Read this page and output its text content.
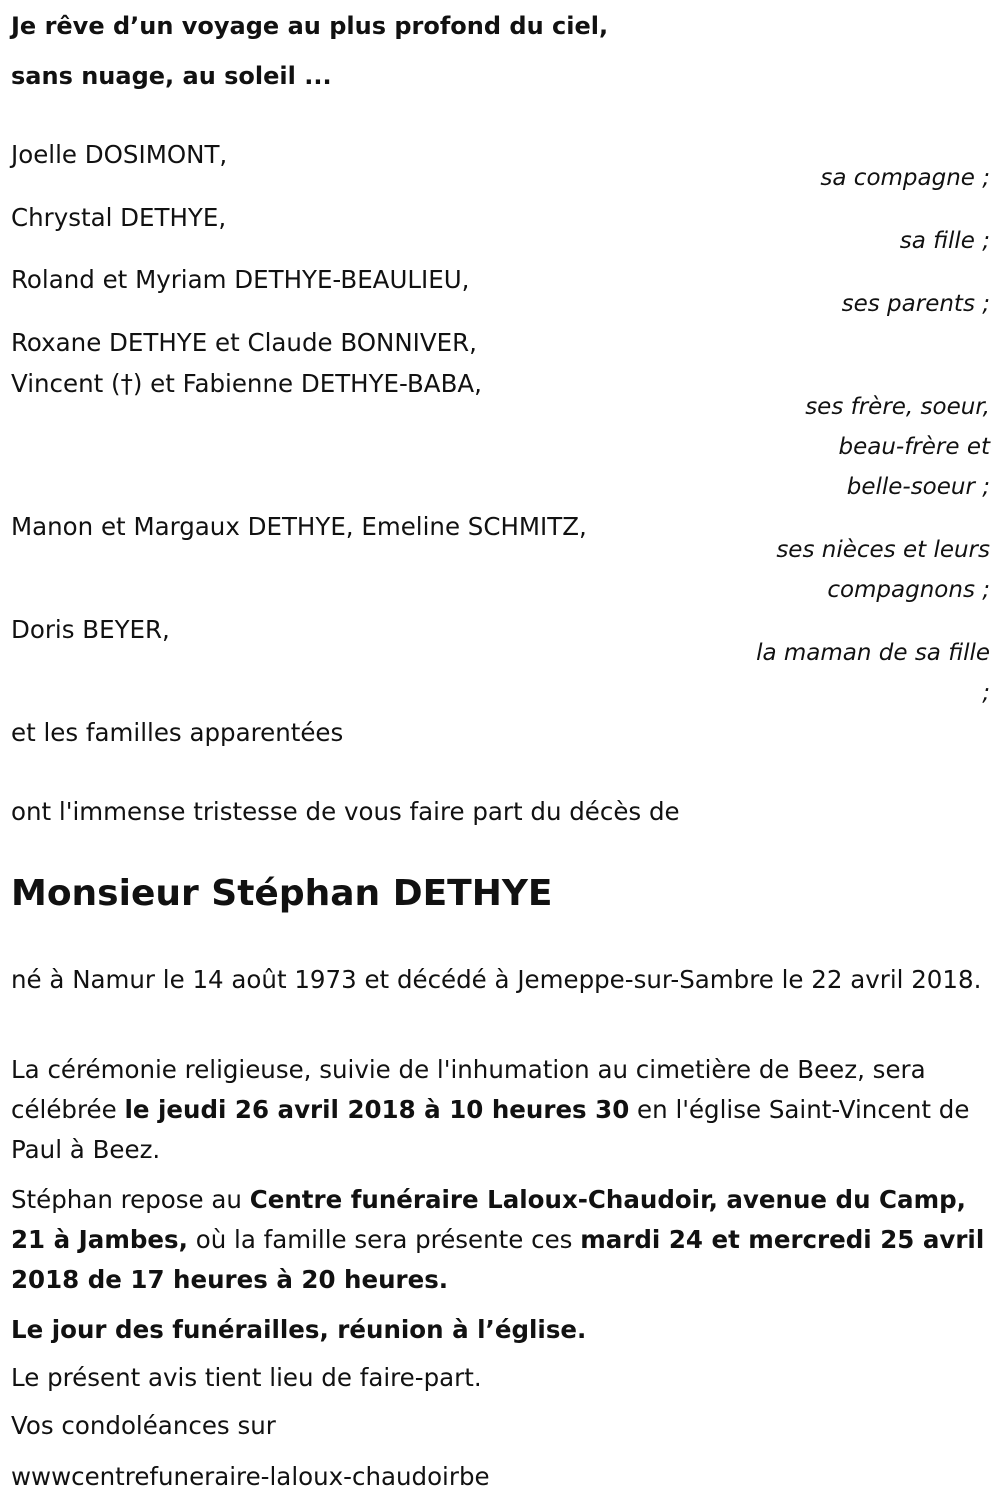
Je rêve d’un voyage au plus profond du ciel,

sans nuage, au soleil ...

Joelle DOSIMONT,

sa compagne ;

Chrystal DETHYE,

sa fille ;

Roland et Myriam DETHYE-BEAULIEU,

ses parents ;

Roxane DETHYE et Claude BONNIVER,

Vincent (†) et Fabienne DETHYE-BABA,

ses frère, soeur,

beau-frère et

belle-soeur ;

Manon et Margaux DETHYE, Emeline SCHMITZ,

ses nièces et leurs

compagnons ;

Doris BEYER,

la maman de sa fille

;

et les familles apparentées

ont l'immense tristesse de vous faire part du décès de

Monsieur Stéphan DETHYE

né à Namur le 14 août 1973 et décédé à Jemeppe-sur-Sambre le 22 avril 2018.

La cérémonie religieuse, suivie de l'inhumation au cimetière de Beez, sera célébrée le jeudi 26 avril 2018 à 10 heures 30 en l'église Saint-Vincent de Paul à Beez.

Stéphan repose au Centre funéraire Laloux-Chaudoir, avenue du Camp, 21 à Jambes, où la famille sera présente ces mardi 24 et mercredi 25 avril 2018 de 17 heures à 20 heures.

Le jour des funérailles, réunion à l’église.

Le présent avis tient lieu de faire-part.

Vos condoléances sur

wwwcentrefuneraire-laloux-chaudoirbe
